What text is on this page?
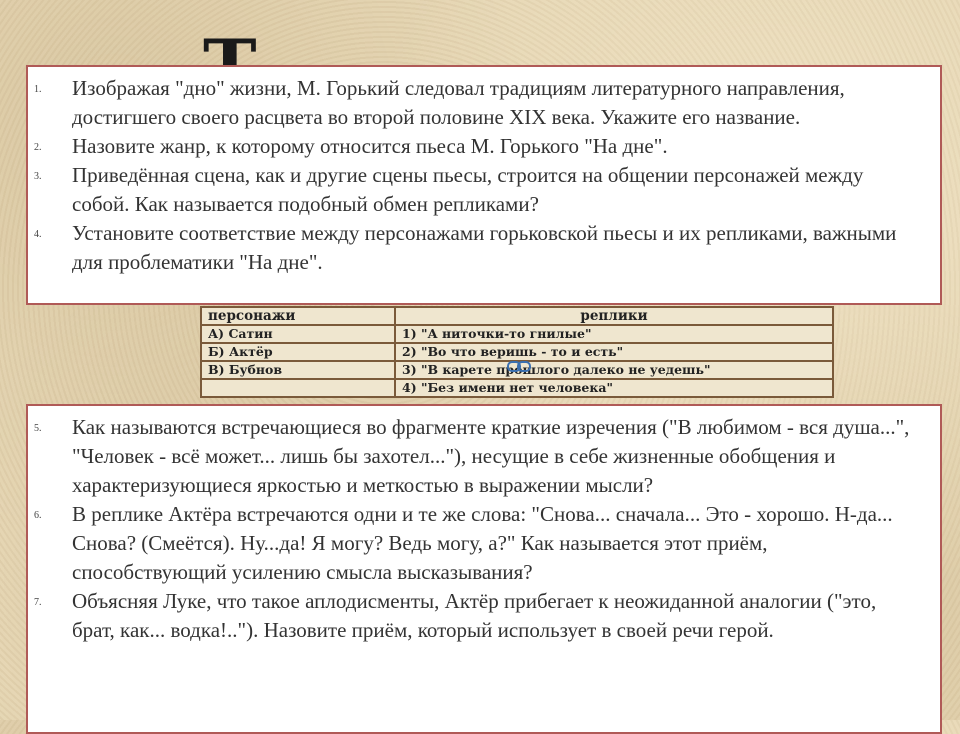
1. Изображая "дно" жизни, М. Горький следовал традициям литературного направления, достигшего своего расцвета во второй половине XIX века. Укажите его название.
2. Назовите жанр, к которому относится пьеса М. Горького "На дне".
3. Приведённая сцена, как и другие сцены пьесы, строится на общении персонажей между собой. Как называется подобный обмен репликами?
4. Установите соответствие между персонажами горьковской пьесы и их репликами, важными для проблематики "На дне".
персонажи	реплики
А) Сатин	1) "А ниточки-то гнилые"
Б) Актёр	2) "Во что веришь - то и есть"
В) Бубнов	3) "В карете прошлого далеко не уедешь"
	4) "Без имени нет человека"
5. Как называются встречающиеся во фрагменте краткие изречения ("В любимом - вся душа...", "Человек - всё может... лишь бы захотел..."), несущие в себе жизненные обобщения и характеризующиеся яркостью и меткостью в выражении мысли?
6. В реплике Актёра встречаются одни и те же слова: "Снова... сначала... Это - хорошо. Н-да... Снова? (Смеётся). Ну...да! Я могу? Ведь могу, а?" Как называется этот приём, способствующий усилению смысла высказывания?
7. Объясняя Луке, что такое аплодисменты, Актёр прибегает к неожиданной аналогии ("это, брат, как... водка!.."). Назовите приём, который использует в своей речи герой.
